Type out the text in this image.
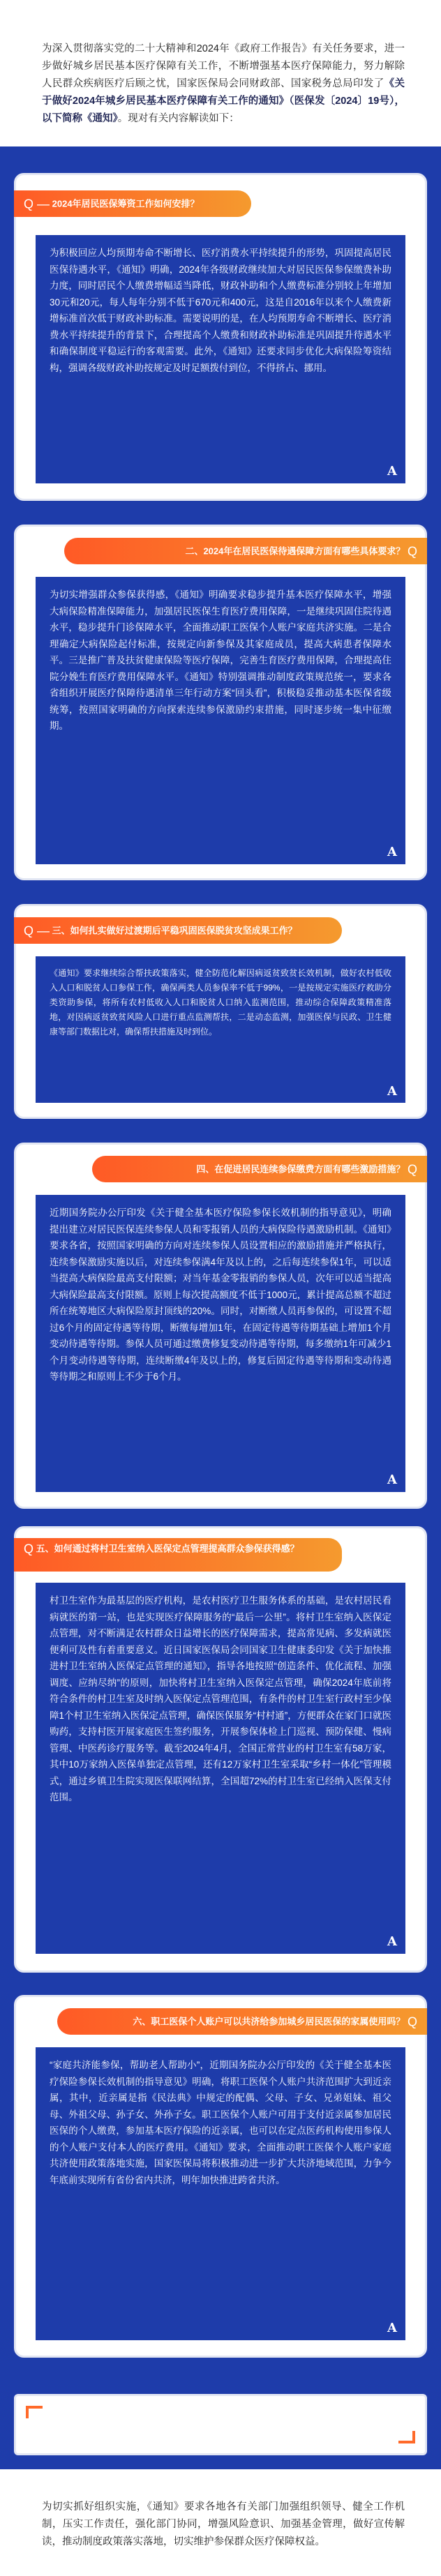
为深入贯彻落实党的二十大精神和2024年《政府工作报告》有关任务要求，进一步做好城乡居民基本医疗保障有关工作，不断增强基本医疗保障能力，努力解除人民群众疾病医疗后顾之忧，国家医保局会同财政部、国家税务总局印发了《关于做好2024年城乡居民基本医疗保障有关工作的通知》（医保发〔2024〕19号），以下简称《通知》。现对有关内容解读如下：
Q — 2024年居民医保筹资工作如何安排？
为积极回应人均预期寿命不断增长、医疗消费水平持续提升的形势，巩固提高居民医保待遇水平，《通知》明确，2024年各级财政继续加大对居民医保参保缴费补助力度，同时居民个人缴费增幅适当降低，财政补助和个人缴费标准分别较上年增加30元和20元，每人每年分别不低于670元和400元，这是自2016年以来个人缴费新增标准首次低于财政补助标准。需要说明的是，在人均预期寿命不断增长、医疗消费水平持续提升的背景下，合理提高个人缴费和财政补助标准是巩固提升待遇水平和确保制度平稳运行的客观需要。此外，《通知》还要求同步优化大病保险筹资结构，强调各级财政补助按规定及时足额拨付到位，不得挤占、挪用。
A
二、2024年在居民医保待遇保障方面有哪些具体要求？ Q
为切实增强群众参保获得感，《通知》明确要求稳步提升基本医疗保障水平，增强大病保险精准保障能力，加强居民医保生育医疗费用保障，一是继续巩固住院待遇水平，稳步提升门诊保障水平，全面推动职工医保个人账户家庭共济实施。二是合理确定大病保险起付标准，按规定向新参保及其家庭成员，提高大病患者保障水平。三是推广普及扶贫健康保险等医疗保障，完善生育医疗费用保障，合理提高住院分娩生育医疗费用保障水平。《通知》特别强调推动制度政策规范统一，要求各省组织开展医疗保障待遇清单三年行动方案“回头看”，积极稳妥推动基本医保省级统筹，按照国家明确的方向探索连续参保激励约束措施，同时逐步统一集中征缴期。
A
Q — 三、如何扎实做好过渡期后平稳巩固医保脱贫攻坚成果工作？
《通知》要求继续综合帮扶政策落实，健全防范化解因病返贫致贫长效机制，做好农村低收入人口和脱贫人口参保工作，确保两类人员参保率不低于99%，一是按规定实施医疗救助分类资助参保，将所有农村低收入人口和脱贫人口纳入监测范围，推动综合保障政策精准落地，对因病返贫致贫风险人口进行重点监测帮扶，二是动态监测，加强医保与民政、卫生健康等部门数据比对，确保帮扶措施及时到位。
A
四、在促进居民连续参保缴费方面有哪些激励措施？ Q
近期国务院办公厅印发《关于健全基本医疗保险参保长效机制的指导意见》，明确提出建立对居民医保连续参保人员和零报销人员的大病保险待遇激励机制。《通知》要求各省，按照国家明确的方向对连续参保人员设置相应的激励措施并严格执行，连续参保激励实施以后，对连续参保满4年及以上的，之后每连续参保1年，可以适当提高大病保险最高支付限额；对当年基金零报销的参保人员，次年可以适当提高大病保险最高支付限额。原则上每次提高额度不低于1000元，累计提高总额不超过所在统筹地区大病保险原封顶线的20%。同时，对断缴人员再参保的，可设置不超过6个月的固定待遇等待期，断缴每增加1年，在固定待遇等待期基础上增加1个月变动待遇等待期。参保人员可通过缴费修复变动待遇等待期，每多缴纳1年可减少1个月变动待遇等待期，连续断缴4年及以上的，修复后固定待遇等待期和变动待遇等待期之和原则上不少于6个月。
A
Q 五、如何通过将村卫生室纳入医保定点管理提高群众参保获得感？
村卫生室作为最基层的医疗机构，是农村医疗卫生服务体系的基础，是农村居民看病就医的第一站，也是实现医疗保障服务的“最后一公里”。将村卫生室纳入医保定点管理，对不断满足农村群众日益增长的医疗保障需求，提高常见病、多发病就医便利可及性有着重要意义。近日国家医保局会同国家卫生健康委印发《关于加快推进村卫生室纳入医保定点管理的通知》，指导各地按照“创造条件、优化流程、加强调度、应纳尽纳”的原则，加快将村卫生室纳入医保定点管理，确保2024年底前将符合条件的村卫生室及时纳入医保定点管理范围，有条件的村卫生室行政村至少保障1个村卫生室纳入医保定点管理，确保医保服务“村村通”，方便群众在家门口就医购药，支持村医开展家庭医生签约服务，开展参保体检上门巡视、预防保健、慢病管理、中医药诊疗服务等。截至2024年4月，全国正常营业的村卫生室有58万家，其中10万家纳入医保单独定点管理，还有12万家村卫生室采取“乡村一体化”管理模式，通过乡镇卫生院实现医保联网结算，全国超72%的村卫生室已经纳入医保支付范围。
A
六、职工医保个人账户可以共济给参加城乡居民医保的家属使用吗？ Q
“家庭共济能参保，帮助老人帮助小”，近期国务院办公厅印发的《关于健全基本医疗保险参保长效机制的指导意见》明确，将职工医保个人账户共济范围扩大到近亲属，其中，近亲属是指《民法典》中规定的配偶、父母、子女、兄弟姐妹、祖父母、外祖父母、孙子女、外孙子女。职工医保个人账户可用于支付近亲属参加居民医保的个人缴费，参加基本医疗保险的近亲属，也可以在定点医药机构使用参保人的个人账户支付本人的医疗费用。《通知》要求，全面推动职工医保个人账户家庭共济使用政策落地实施，国家医保局将积极推动进一步扩大共济地域范围，力争今年底前实现所有省份省内共济，明年加快推进跨省共济。
A
为切实抓好组织实施，《通知》要求各地各有关部门加强组织领导、健全工作机制，压实工作责任，强化部门协同，增强风险意识、加强基金管理，做好宣传解读，推动制度政策落实落地，切实维护参保群众医疗保障权益。
